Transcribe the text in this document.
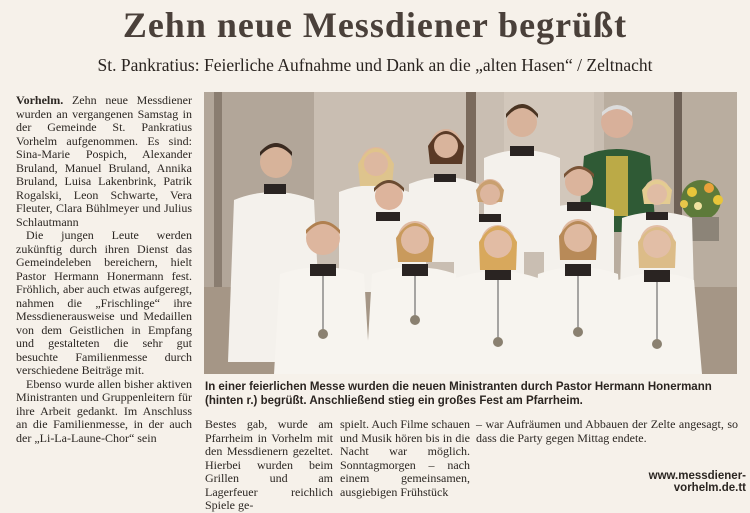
Zehn neue Messdiener begrüßt
St. Pankratius: Feierliche Aufnahme und Dank an die „alten Hasen“ / Zeltnacht

Vorhelm. Zehn neue Messdiener wurden an vergangenen Samstag in der Gemeinde St. Pankratius Vorhelm aufgenommen. Es sind: Sina-Marie Pospich, Alexander Bruland, Manuel Bruland, Annika Bruland, Luisa Lakenbrink, Patrik Rogalski, Leon Schwarte, Vera Fleuter, Clara Bühlmeyer und Julius Schlautmann

Die jungen Leute werden zukünftig durch ihren Dienst das Gemeindeleben bereichern, hielt Pastor Hermann Honermann fest. Fröhlich, aber auch etwas aufgeregt, nahmen die „Frischlinge“ ihre Messdienerausweise und Medaillen von dem Geistlichen in Empfang und gestalteten die sehr gut besuchte Familienmesse durch verschiedene Beiträge mit.

Ebenso wurde allen bisher aktiven Ministranten und Gruppenleitern für ihre Arbeit gedankt. Im Anschluss an die Familienmesse, in der auch der „Li-La-Laune-Chor“ sein

In einer feierlichen Messe wurden die neuen Ministranten durch Pastor Hermann Honermann (hinten r.) begrüßt. Anschließend stieg ein großes Fest am Pfarrheim.
Bestes gab, wurde am Pfarrheim in Vorhelm mit den Messdienern gezeltet. Hierbei wurden beim Grillen und am Lagerfeuer reichlich Spiele ge-
spielt. Auch Filme schauen und Musik hören bis in die Nacht war möglich. Sonntagmorgen – nach einem gemeinsamen, ausgiebigen Frühstück
– war Aufräumen und Abbauen der Zelte angesagt, so dass die Party gegen Mittag endete.
www.messdiener-vorhelm.de.tt
